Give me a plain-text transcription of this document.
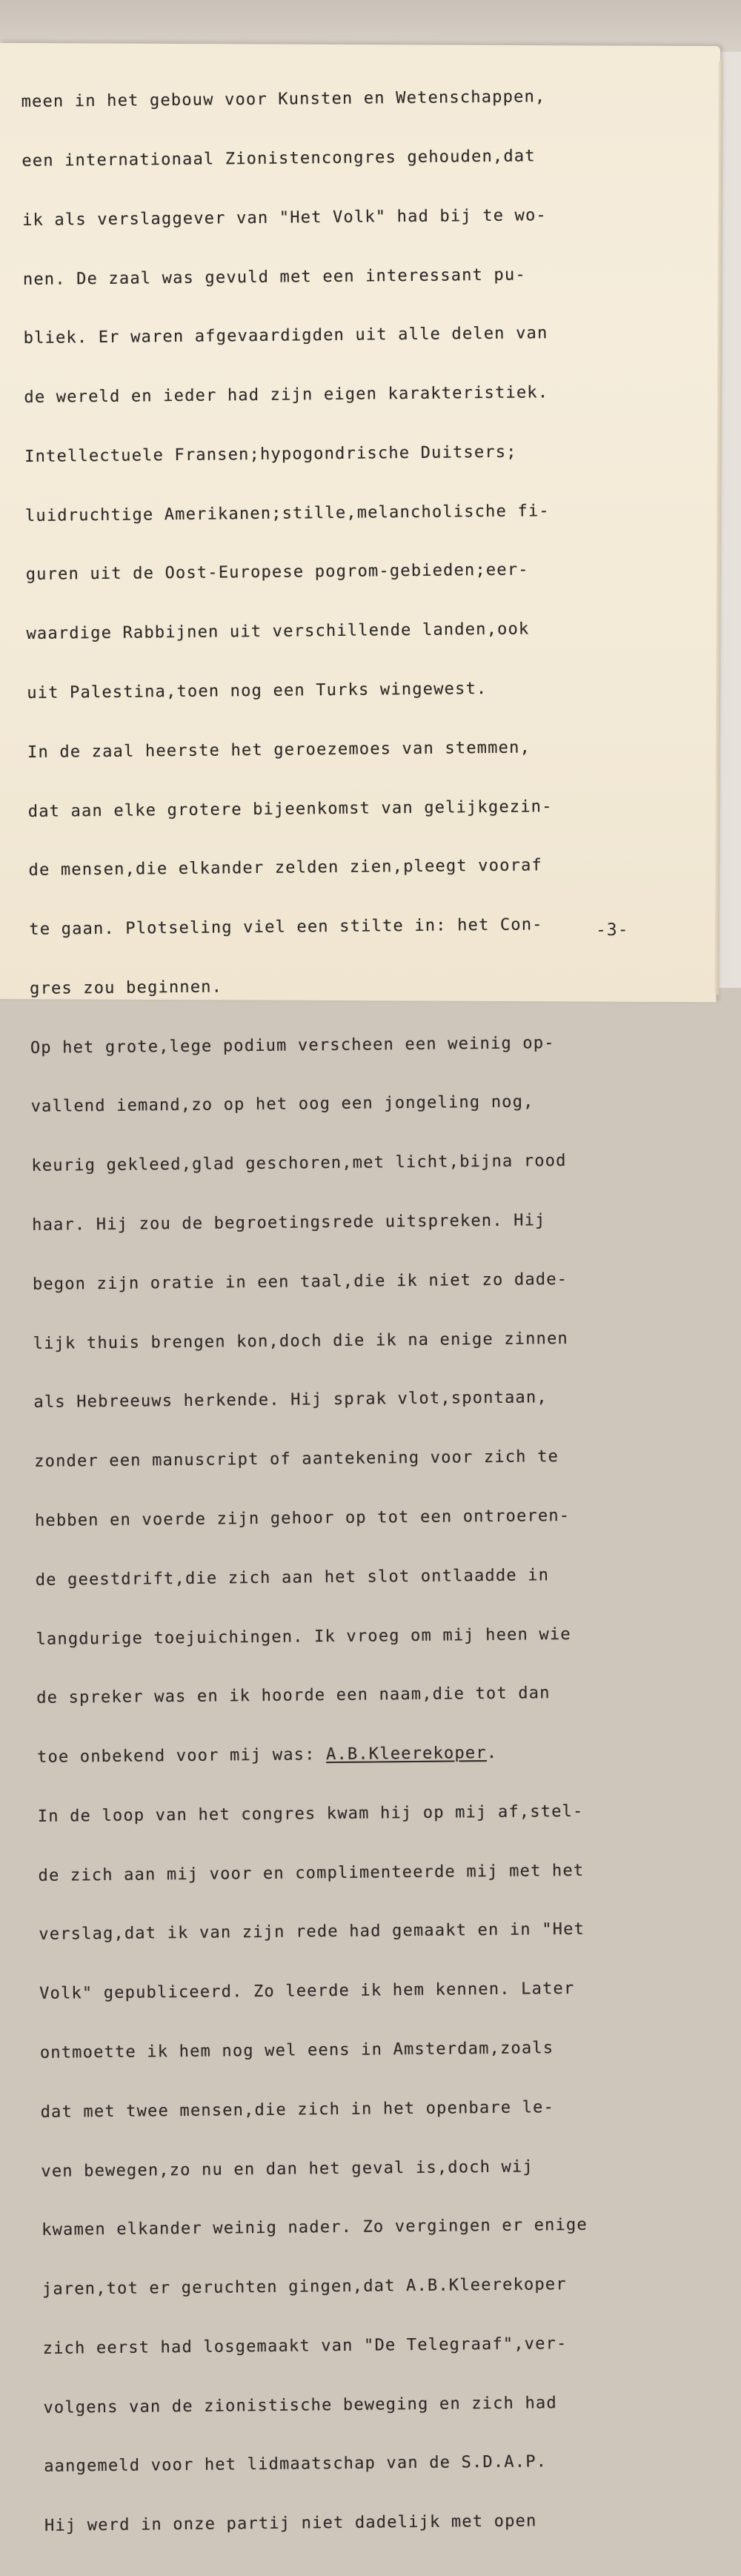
meen in het gebouw voor Kunsten en Wetenschappen,

een internationaal Zionistencongres gehouden,dat

ik als verslaggever van "Het Volk" had bij te wo-

nen. De zaal was gevuld met een interessant pu-

bliek. Er waren afgevaardigden uit alle delen van

de wereld en ieder had zijn eigen karakteristiek.

Intellectuele Fransen;hypogondrische Duitsers;

luidruchtige Amerikanen;stille,melancholische fi-

guren uit de Oost-Europese pogrom-gebieden;eer-

waardige Rabbijnen uit verschillende landen,ook

uit Palestina,toen nog een Turks wingewest.

In de zaal heerste het geroezemoes van stemmen,

dat aan elke grotere bijeenkomst van gelijkgezin-

de mensen,die elkander zelden zien,pleegt vooraf

te gaan. Plotseling viel een stilte in: het Con-

gres zou beginnen.

Op het grote,lege podium verscheen een weinig op-

vallend iemand,zo op het oog een jongeling nog,

keurig gekleed,glad geschoren,met licht,bijna rood

haar. Hij zou de begroetingsrede uitspreken. Hij

begon zijn oratie in een taal,die ik niet zo dade-

lijk thuis brengen kon,doch die ik na enige zinnen

als Hebreeuws herkende. Hij sprak vlot,spontaan,

zonder een manuscript of aantekening voor zich te

hebben en voerde zijn gehoor op tot een ontroeren-

de geestdrift,die zich aan het slot ontlaadde in

langdurige toejuichingen. Ik vroeg om mij heen wie

de spreker was en ik hoorde een naam,die tot dan

toe onbekend voor mij was: A.B.Kleerekoper.

In de loop van het congres kwam hij op mij af,stel-

de zich aan mij voor en complimenteerde mij met het

verslag,dat ik van zijn rede had gemaakt en in "Het

Volk" gepubliceerd. Zo leerde ik hem kennen. Later

ontmoette ik hem nog wel eens in Amsterdam,zoals

dat met twee mensen,die zich in het openbare le-

ven bewegen,zo nu en dan het geval is,doch wij

kwamen elkander weinig nader. Zo vergingen er enige

jaren,tot er geruchten gingen,dat A.B.Kleerekoper

zich eerst had losgemaakt van "De Telegraaf",ver-

volgens van de zionistische beweging en zich had

aangemeld voor het lidmaatschap van de S.D.A.P.

Hij werd in onze partij niet dadelijk met open

-3-
